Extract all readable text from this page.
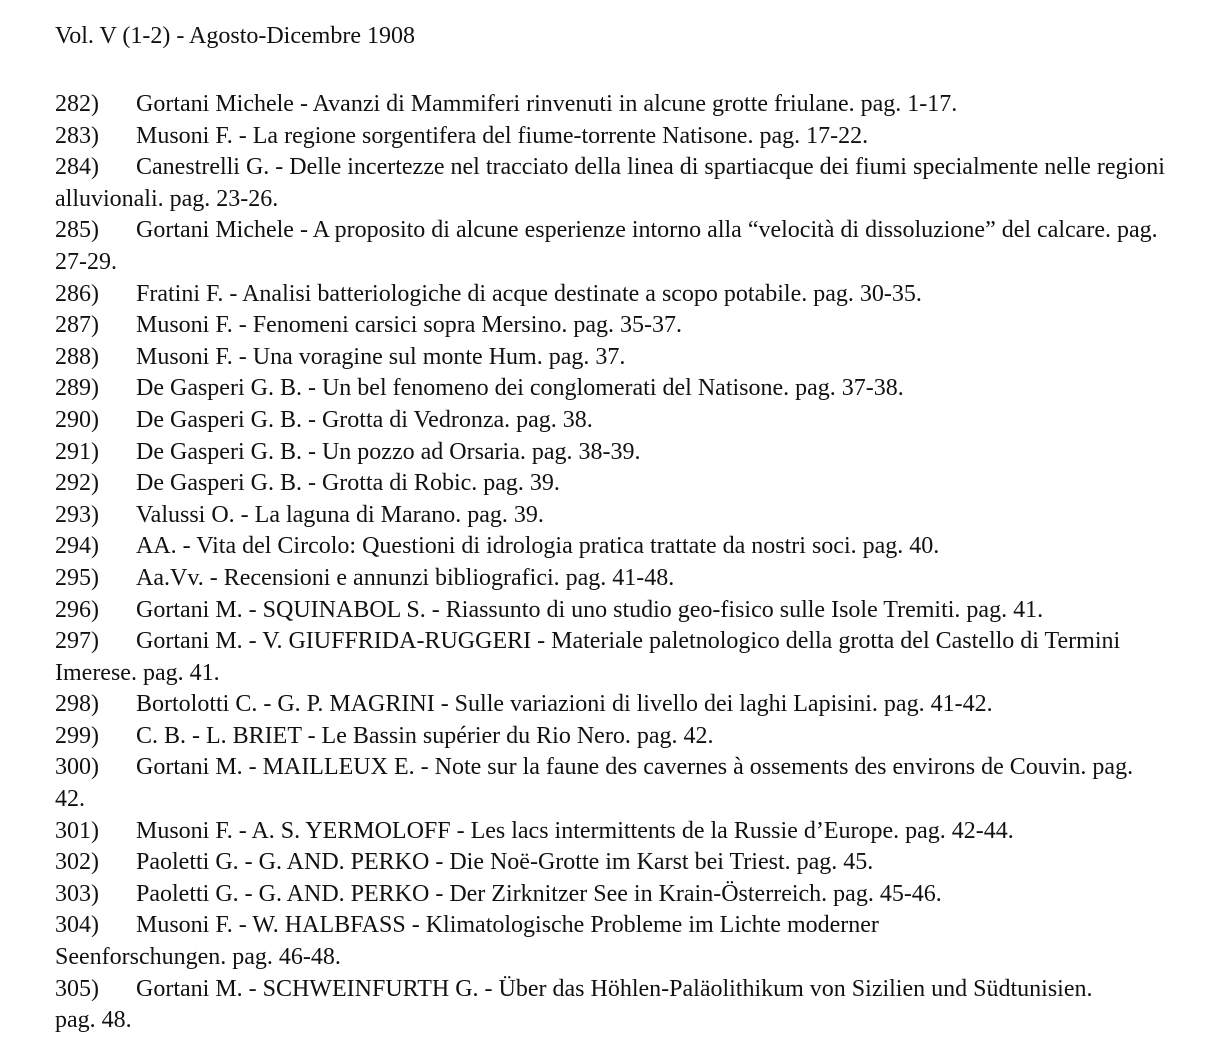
Vol. V (1-2) - Agosto-Dicembre 1908

282) Gortani Michele - Avanzi di Mammiferi rinvenuti in alcune grotte friulane. pag. 1-17.

283) Musoni F. - La regione sorgentifera del fiume-torrente Natisone. pag. 17-22.

284) Canestrelli G. - Delle incertezze nel tracciato della linea di spartiacque dei fiumi specialmente nelle regioni alluvionali. pag. 23-26.

285) Gortani Michele - A proposito di alcune esperienze intorno alla “velocità di dissoluzione” del calcare. pag. 27-29.

286) Fratini F. - Analisi batteriologiche di acque destinate a scopo potabile. pag. 30-35.

287) Musoni F. - Fenomeni carsici sopra Mersino. pag. 35-37.

288) Musoni F. - Una voragine sul monte Hum. pag. 37.

289) De Gasperi G. B. - Un bel fenomeno dei conglomerati del Natisone. pag. 37-38.

290) De Gasperi G. B. - Grotta di Vedronza. pag. 38.

291) De Gasperi G. B. - Un pozzo ad Orsaria. pag. 38-39.

292) De Gasperi G. B. - Grotta di Robic. pag. 39.

293) Valussi O. - La laguna di Marano. pag. 39.

294) AA. - Vita del Circolo: Questioni di idrologia pratica trattate da nostri soci. pag. 40.

295) Aa.Vv. - Recensioni e annunzi bibliografici. pag. 41-48.

296) Gortani M. - SQUINABOL S. - Riassunto di uno studio geo-fisico sulle Isole Tremiti. pag. 41.

297) Gortani M. - V. GIUFFRIDA-RUGGERI - Materiale paletnologico della grotta del Castello di Termini Imerese. pag. 41.

298) Bortolotti C. - G. P. MAGRINI - Sulle variazioni di livello dei laghi Lapisini. pag. 41-42.

299) C. B. - L. BRIET - Le Bassin supérier du Rio Nero. pag. 42.

300) Gortani M. - MAILLEUX E. - Note sur la faune des cavernes à ossements des environs de Couvin. pag. 42.

301) Musoni F. - A. S. YERMOLOFF - Les lacs intermittents de la Russie d’Europe. pag. 42-44.

302) Paoletti G. - G. AND. PERKO - Die Noë-Grotte im Karst bei Triest. pag. 45.

303) Paoletti G. - G. AND. PERKO - Der Zirknitzer See in Krain-Österreich. pag. 45-46.

304) Musoni F. - W. HALBFASS - Klimatologische Probleme im Lichte moderner Seenforschungen. pag. 46-48.

305) Gortani M. - SCHWEINFURTH G. - Über das Höhlen-Paläolithikum von Sizilien und Südtunisien. pag. 48.
